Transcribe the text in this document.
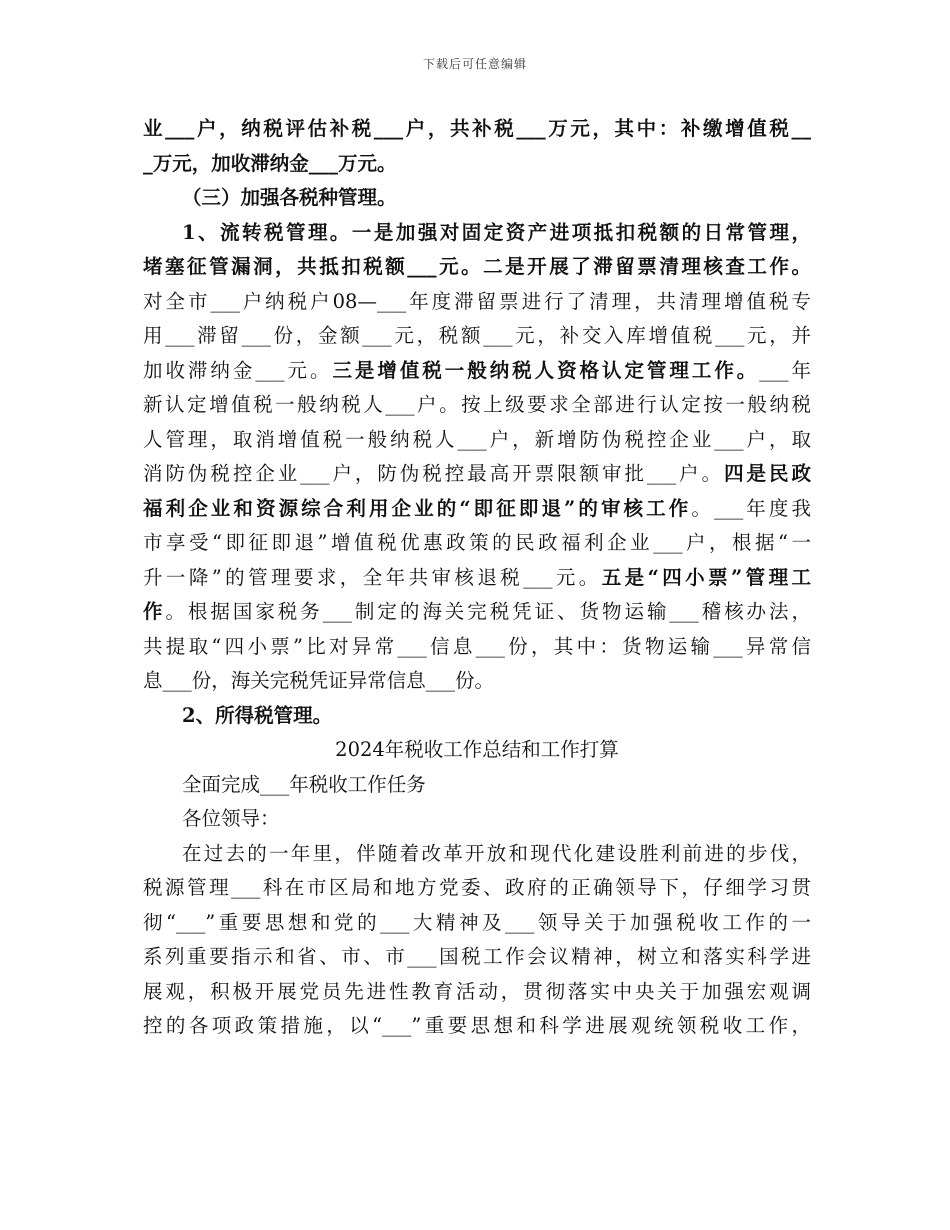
下载后可任意编辑
业___户，纳税评估补税___户，共补税___万元，其中：补缴增值税__
_万元，加收滞纳金___万元。
（三）加强各税种管理。
1、流转税管理。一是加强对固定资产进项抵扣税额的日常管理，
堵塞征管漏洞，共抵扣税额___元。二是开展了滞留票清理核查工作。
对全市___户纳税户08—___年度滞留票进行了清理，共清理增值税专
用___滞留___份，金额___元，税额___元，补交入库增值税___元，并
加收滞纳金___元。三是增值税一般纳税人资格认定管理工作。___年
新认定增值税一般纳税人___户。按上级要求全部进行认定按一般纳税
人管理，取消增值税一般纳税人___户，新增防伪税控企业___户，取
消防伪税控企业___户，防伪税控最高开票限额审批___户。四是民政
福利企业和资源综合利用企业的“即征即退”的审核工作。___年度我
市享受“即征即退”增值税优惠政策的民政福利企业___户，根据“一
升一降”的管理要求，全年共审核退税___元。五是“四小票”管理工
作。根据国家税务___制定的海关完税凭证、货物运输___稽核办法，
共提取“四小票”比对异常___信息___份，其中：货物运输___异常信
息___份，海关完税凭证异常信息___份。
2、所得税管理。
2024年税收工作总结和工作打算
全面完成___年税收工作任务
各位领导：
在过去的一年里，伴随着改革开放和现代化建设胜利前进的步伐，
税源管理___科在市区局和地方党委、政府的正确领导下，仔细学习贯
彻“___”重要思想和党的___大精神及___领导关于加强税收工作的一
系列重要指示和省、市、市___国税工作会议精神，树立和落实科学进
展观，积极开展党员先进性教育活动，贯彻落实中央关于加强宏观调
控的各项政策措施，以“___”重要思想和科学进展观统领税收工作，
